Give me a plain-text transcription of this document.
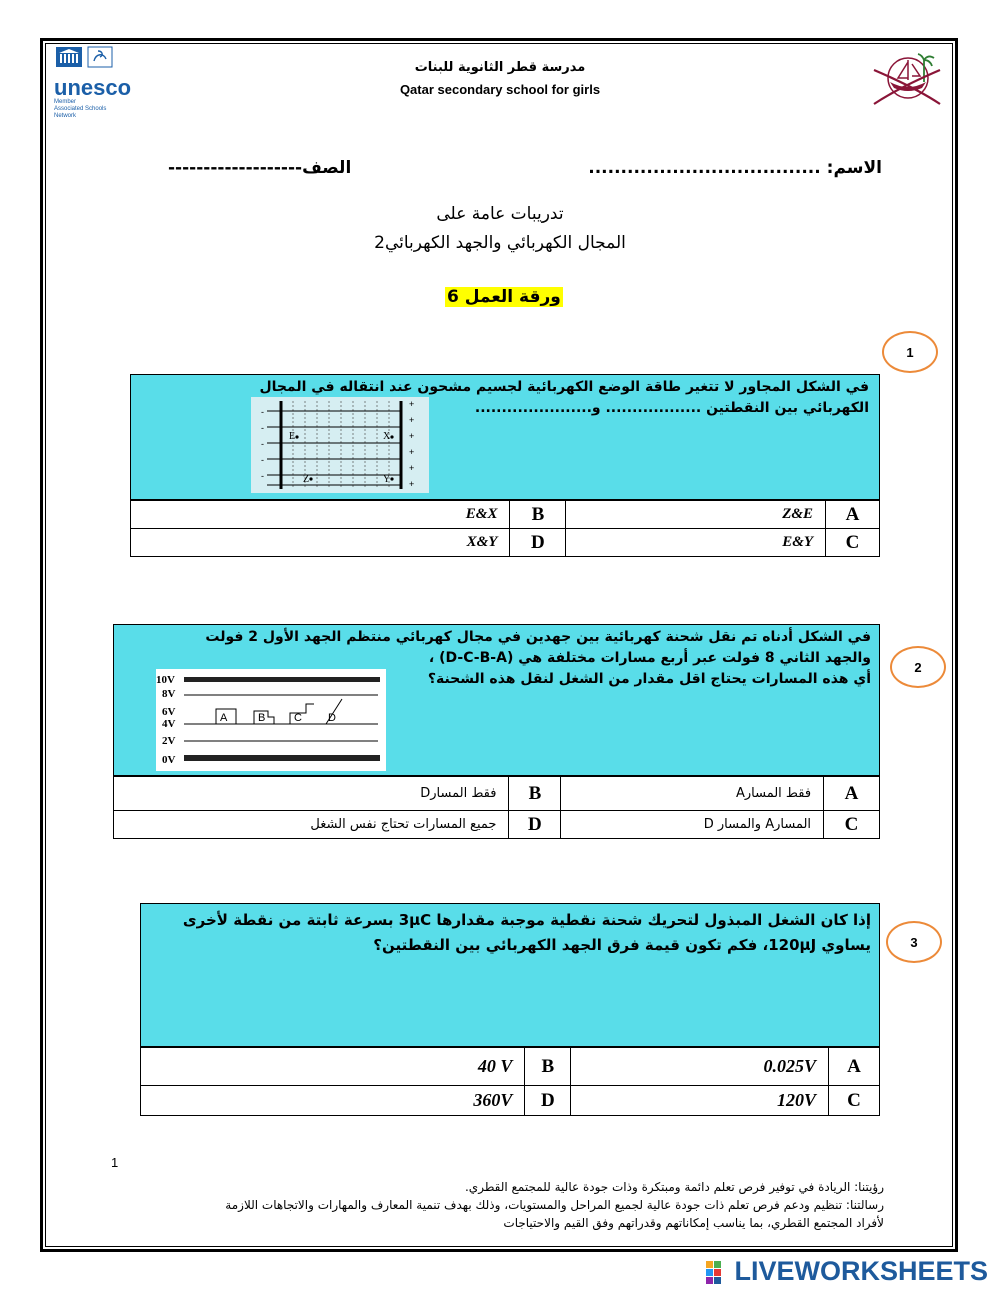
unesco
Member
Associated Schools
Network
مدرسة قطر الثانوية للبنات
Qatar secondary school for girls
الاسم: ....................................
الصف-------------------
تدريبات عامة على
المجال الكهربائي والجهد الكهربائي2
ورقة العمل 6
1
في الشكل المجاور لا تتغير طاقة الوضع الكهربائية لجسيم مشحون عند انتقاله في المجال الكهربائي بين النقطتين .................. و......................
+
+
+
+
+
+
-
-
-
-
-
E	X
Z	Y
E&X	B	Z&E	A
X&Y	D	E&Y	C
2
في الشكل أدناه تم نقل شحنة كهربائية بين جهدين في مجال كهربائي منتظم الجهد الأول 2 فولت
والجهد الثاني 8 فولت عبر أربع مسارات مختلفة هي (D-C-B-A) ،
أي هذه المسارات يحتاج اقل مقدار من الشغل لنقل هذه الشحنة؟
10V
8V
6V
4V
2V
0V
A	B	C D
فقط المسارD	B	فقط المسارA	A
جميع المسارات تحتاج نفس الشغل	D	المسارA والمسار D	C
3
إذا كان الشغل المبذول لتحريك شحنة نقطية موجبة مقدارها 3μC بسرعة ثابتة من نقطة لأخرى
يساوي 120μJ، فكم تكون قيمة فرق الجهد الكهربائي بين النقطتين؟
40 V	B	0.025V	A
360V	D	120V	C
1
رؤيتنا: الريادة في توفير فرص تعلم دائمة ومبتكرة وذات جودة عالية للمجتمع القطري.
رسالتنا: تنظيم ودعم فرص تعلم ذات جودة عالية لجميع المراحل والمستويات، وذلك بهدف تنمية المعارف والمهارات والاتجاهات اللازمة
لأفراد المجتمع القطري، بما يناسب إمكاناتهم وقدراتهم وفق القيم والاحتياجات
LIVEWORKSHEETS
